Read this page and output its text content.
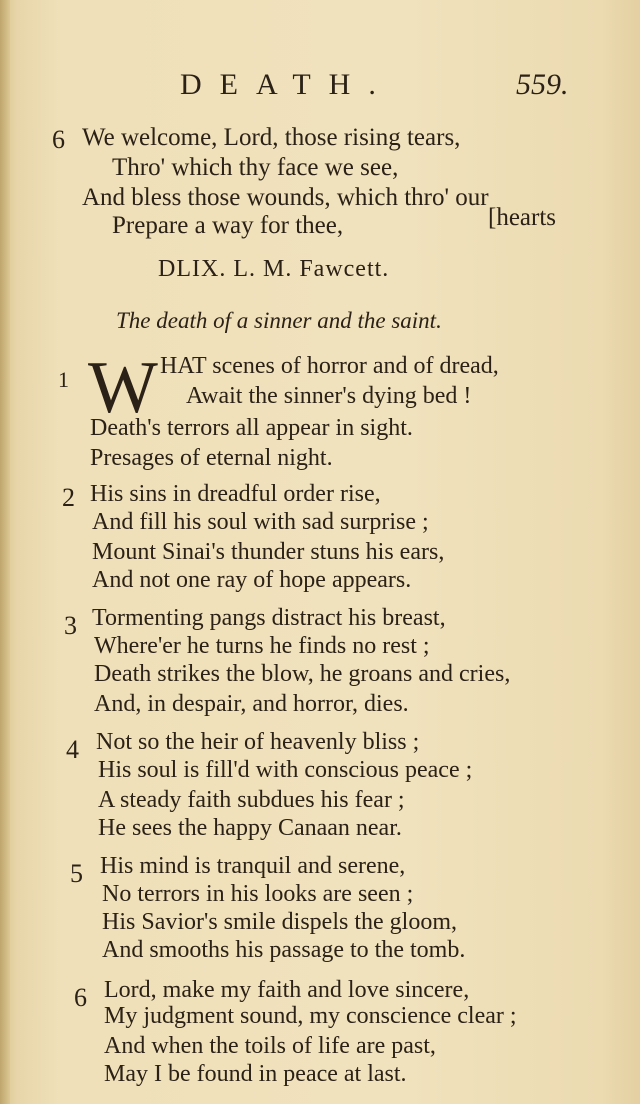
DEATH.	559.
6 We welcome, Lord, those rising tears,
Thro' which thy face we see,
And bless those wounds, which thro' our
Prepare a way for thee,	[hearts
DLIX. L. M. Fawcett.
The death of a sinner and the saint.
1 W HAT scenes of horror and of dread,
Await the sinner's dying bed !
Death's terrors all appear in sight.
Presages of eternal night.
2 His sins in dreadful order rise,
And fill his soul with sad surprise ;
Mount Sinai's thunder stuns his ears,
And not one ray of hope appears.
3 Tormenting pangs distract his breast,
Where'er he turns he finds no rest ;
Death strikes the blow, he groans and cries,
And, in despair, and horror, dies.
4 Not so the heir of heavenly bliss ;
His soul is fill'd with conscious peace ;
A steady faith subdues his fear ;
He sees the happy Canaan near.
5 His mind is tranquil and serene,
No terrors in his looks are seen ;
His Savior's smile dispels the gloom,
And smooths his passage to the tomb.
6 Lord, make my faith and love sincere,
My judgment sound, my conscience clear ;
And when the toils of life are past,
May I be found in peace at last.
